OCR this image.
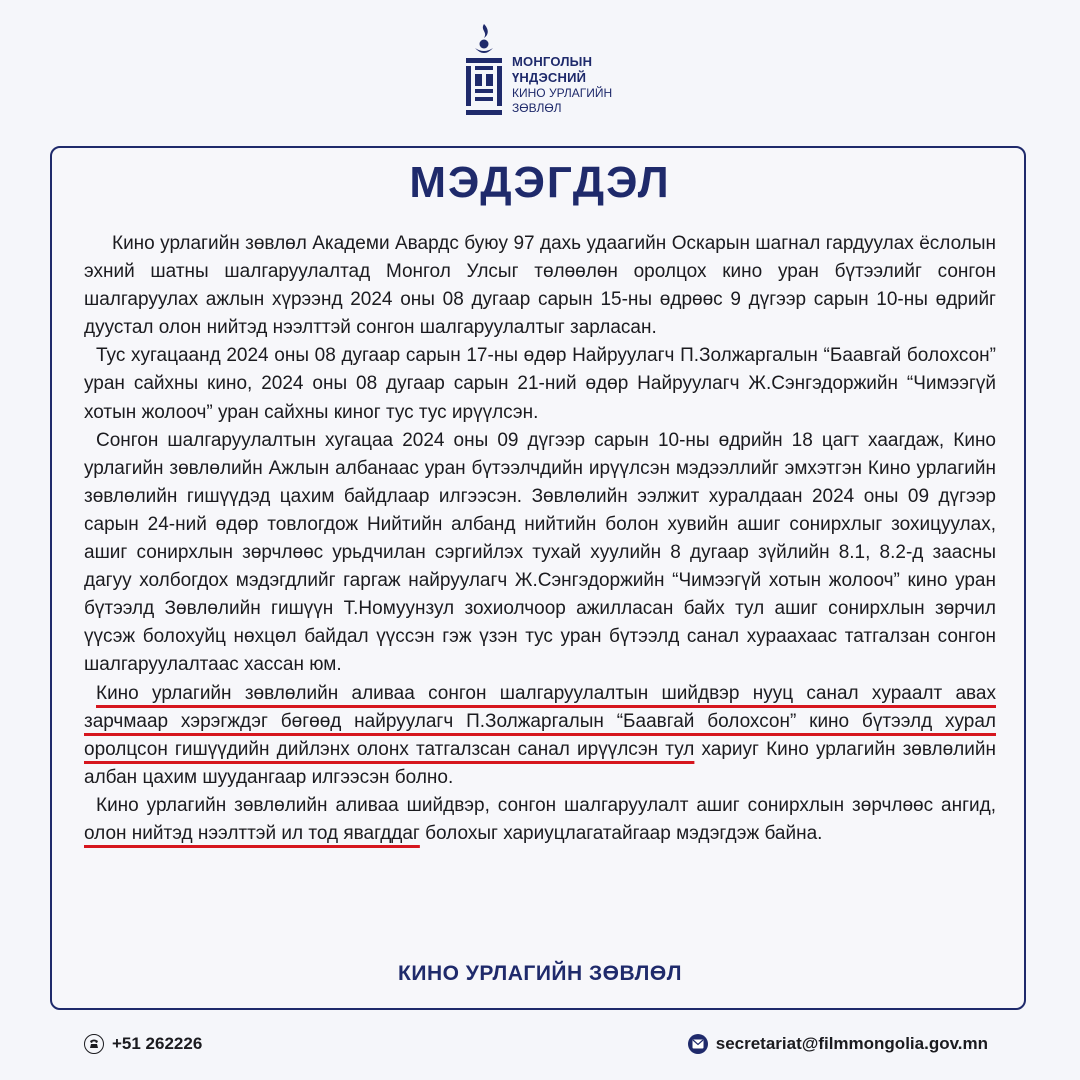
МОНГОЛЫН
ҮНДЭСНИЙ
КИНО УРЛАГИЙН
ЗӨВЛӨЛ
МЭДЭГДЭЛ

Кино урлагийн зөвлөл Академи Авардс буюу 97 дахь удаагийн Оскарын шагнал гардуулах ёслолын эхний шатны шалгаруулалтад Монгол Улсыг төлөөлөн оролцох кино уран бүтээлийг сонгон шалгаруулах ажлын хүрээнд 2024 оны 08 дугаар сарын 15-ны өдрөөс 9 дүгээр сарын 10-ны өдрийг дуустал олон нийтэд нээлттэй сонгон шалгаруулалтыг зарласан.

Тус хугацаанд 2024 оны 08 дугаар сарын 17-ны өдөр Найруулагч П.Золжаргалын “Баавгай болохсон” уран сайхны кино, 2024 оны 08 дугаар сарын 21-ний өдөр Найруулагч Ж.Сэнгэдоржийн “Чимээгүй хотын жолооч” уран сайхны киног тус тус ирүүлсэн.

Сонгон шалгаруулалтын хугацаа 2024 оны 09 дүгээр сарын 10-ны өдрийн 18 цагт хаагдаж, Кино урлагийн зөвлөлийн Ажлын албанаас уран бүтээлчдийн ирүүлсэн мэдээллийг эмхэтгэн Кино урлагийн зөвлөлийн гишүүдэд цахим байдлаар илгээсэн. Зөвлөлийн ээлжит хуралдаан 2024 оны 09 дүгээр сарын 24-ний өдөр товлогдож Нийтийн албанд нийтийн болон хувийн ашиг сонирхлыг зохицуулах, ашиг сонирхлын зөрчлөөс урьдчилан сэргийлэх тухай хуулийн 8 дугаар зүйлийн 8.1, 8.2-д заасны дагуу холбогдох мэдэгдлийг гаргаж найруулагч Ж.Сэнгэдоржийн “Чимээгүй хотын жолооч” кино уран бүтээлд Зөвлөлийн гишүүн Т.Номуунзул зохиолчоор ажилласан байх тул ашиг сонирхлын зөрчил үүсэж болохуйц нөхцөл байдал үүссэн гэж үзэн тус уран бүтээлд санал хураахаас татгалзан сонгон шалгаруулалтаас хассан юм.

Кино урлагийн зөвлөлийн аливаа сонгон шалгаруулалтын шийдвэр нууц санал хураалт авах зарчмаар хэрэгждэг бөгөөд найруулагч П.Золжаргалын “Баавгай болохсон” кино бүтээлд хурал оролцсон гишүүдийн дийлэнх олонх татгалзсан санал ирүүлсэн тул хариуг Кино урлагийн зөвлөлийн албан цахим шуудангаар илгээсэн болно.

Кино урлагийн зөвлөлийн аливаа шийдвэр, сонгон шалгаруулалт ашиг сонирхлын зөрчлөөс ангид, олон нийтэд нээлттэй ил тод явагддаг болохыг хариуцлагатайгаар мэдэгдэж байна.

КИНО УРЛАГИЙН ЗӨВЛӨЛ
+51 262226	secretariat@filmmongolia.gov.mn
